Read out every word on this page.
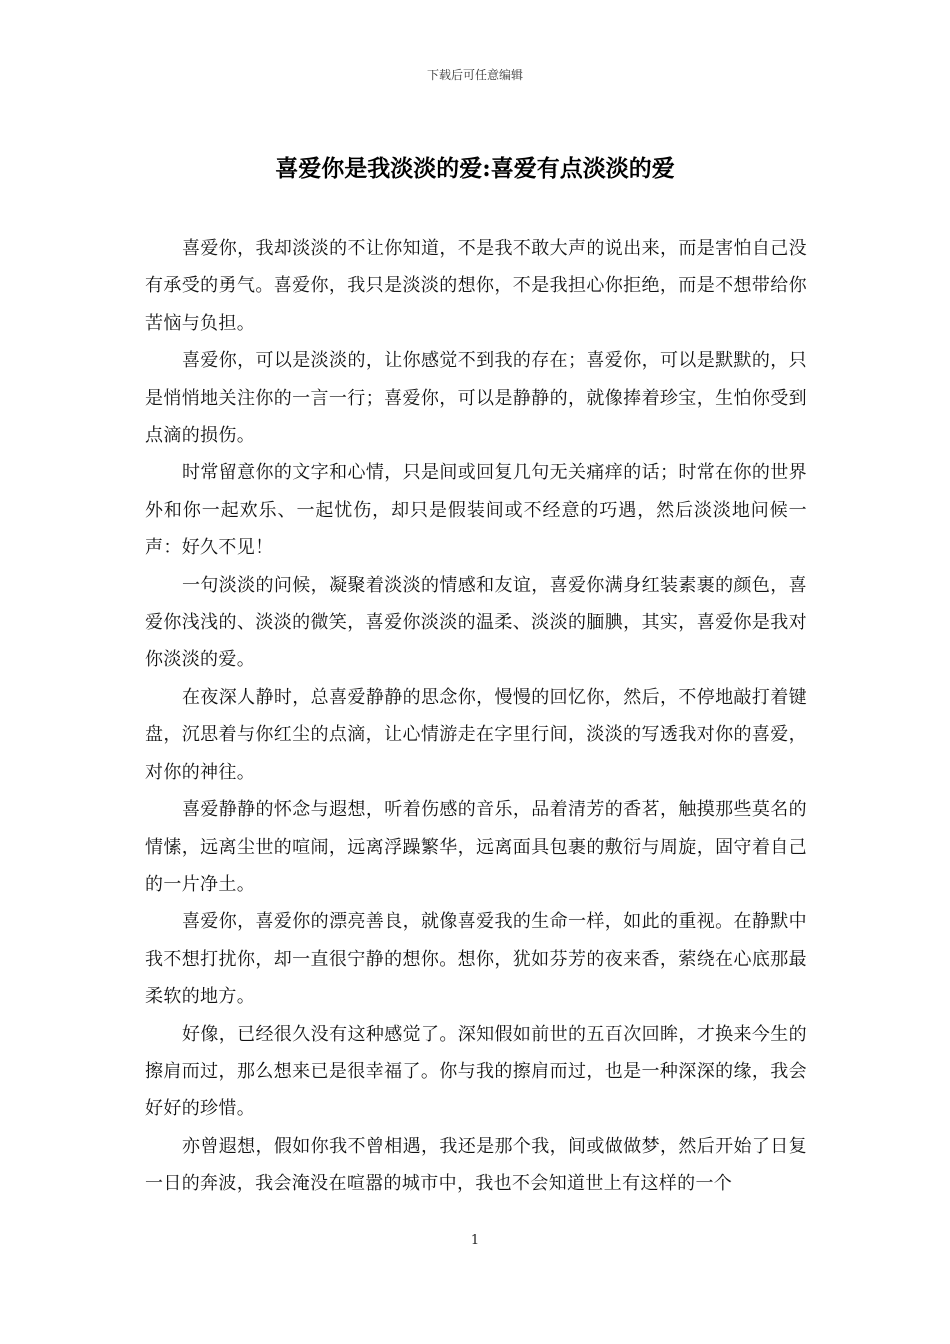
下载后可任意编辑
喜爱你是我淡淡的爱:喜爱有点淡淡的爱

喜爱你，我却淡淡的不让你知道，不是我不敢大声的说出来，而是害怕自己没有承受的勇气。喜爱你，我只是淡淡的想你，不是我担心你拒绝，而是不想带给你苦恼与负担。

喜爱你，可以是淡淡的，让你感觉不到我的存在；喜爱你，可以是默默的，只是悄悄地关注你的一言一行；喜爱你，可以是静静的，就像捧着珍宝，生怕你受到点滴的损伤。

时常留意你的文字和心情，只是间或回复几句无关痛痒的话；时常在你的世界外和你一起欢乐、一起忧伤，却只是假装间或不经意的巧遇，然后淡淡地问候一声：好久不见！

一句淡淡的问候，凝聚着淡淡的情感和友谊，喜爱你满身红装素裹的颜色，喜爱你浅浅的、淡淡的微笑，喜爱你淡淡的温柔、淡淡的腼腆，其实，喜爱你是我对你淡淡的爱。

在夜深人静时，总喜爱静静的思念你，慢慢的回忆你，然后，不停地敲打着键盘，沉思着与你红尘的点滴，让心情游走在字里行间，淡淡的写透我对你的喜爱，对你的神往。

喜爱静静的怀念与遐想，听着伤感的音乐，品着清芳的香茗，触摸那些莫名的情愫，远离尘世的喧闹，远离浮躁繁华，远离面具包裹的敷衍与周旋，固守着自己的一片净土。

喜爱你，喜爱你的漂亮善良，就像喜爱我的生命一样，如此的重视。在静默中我不想打扰你，却一直很宁静的想你。想你，犹如芬芳的夜来香，萦绕在心底那最柔软的地方。

好像，已经很久没有这种感觉了。深知假如前世的五百次回眸，才换来今生的擦肩而过，那么想来已是很幸福了。你与我的擦肩而过，也是一种深深的缘，我会好好的珍惜。

亦曾遐想，假如你我不曾相遇，我还是那个我，间或做做梦，然后开始了日复一日的奔波，我会淹没在喧嚣的城市中，我也不会知道世上有这样的一个

1
